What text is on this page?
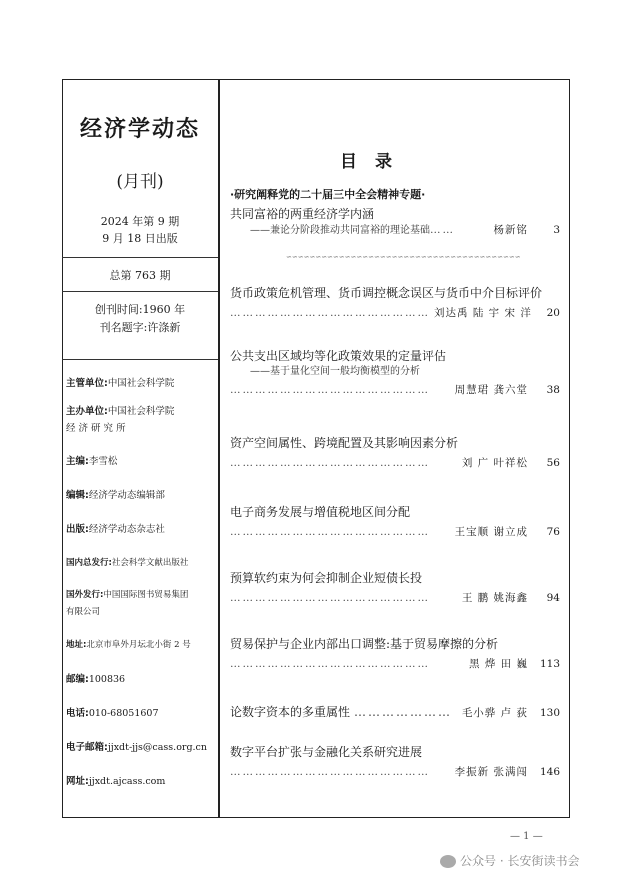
经济学动态
(月刊)
2024 年第 9 期
9 月 18 日出版
总第 763 期
创刊时间:1960 年
刊名题字:许涤新
主管单位:中国社会科学院
主办单位:中国社会科学院
经 济 研 究 所
主编:李雪松
编辑:经济学动态编辑部
出版:经济学动态杂志社
国内总发行:社会科学文献出版社
国外发行:中国国际图书贸易集团
有限公司
地址:北京市阜外月坛北小街 2 号
邮编:100836
电话:010-68051607
电子邮箱:jjxdt-jjs@cass.org.cn
网址:jjxdt.ajcass.com
目录
·研究阐释党的二十届三中全会精神专题·
共同富裕的两重经济学内涵
——兼论分阶段推动共同富裕的理论基础 ……	杨新铭	3
∽∽∽∽∽∽∽∽∽∽∽∽∽∽∽∽∽∽∽∽∽∽∽∽∽∽∽∽∽∽∽∽∽∽∽∽∽∽∽∽
货币政策危机管理、货币调控概念误区与货币中介目标评价
………………………………………… 刘达禹 陆 宇 宋 洋	20
公共支出区域均等化政策效果的定量评估
——基于量化空间一般均衡模型的分析
…………………………………………	周慧珺 龚六堂	38
资产空间属性、跨境配置及其影响因素分析
…………………………………………	刘 广 叶祥松	56
电子商务发展与增值税地区间分配
…………………………………………	王宝顺 谢立成	76
预算软约束为何会抑制企业短债长投
…………………………………………	王 鹏 姚海鑫	94
贸易保护与企业内部出口调整:基于贸易摩擦的分析
…………………………………………	黑 烨 田 巍	113
论数字资本的多重属性 ………………… 毛小骅 卢 荻	130
数字平台扩张与金融化关系研究进展
…………………………………………	李振新 张满闯	146
— 1 —
公众号 · 长安街读书会
